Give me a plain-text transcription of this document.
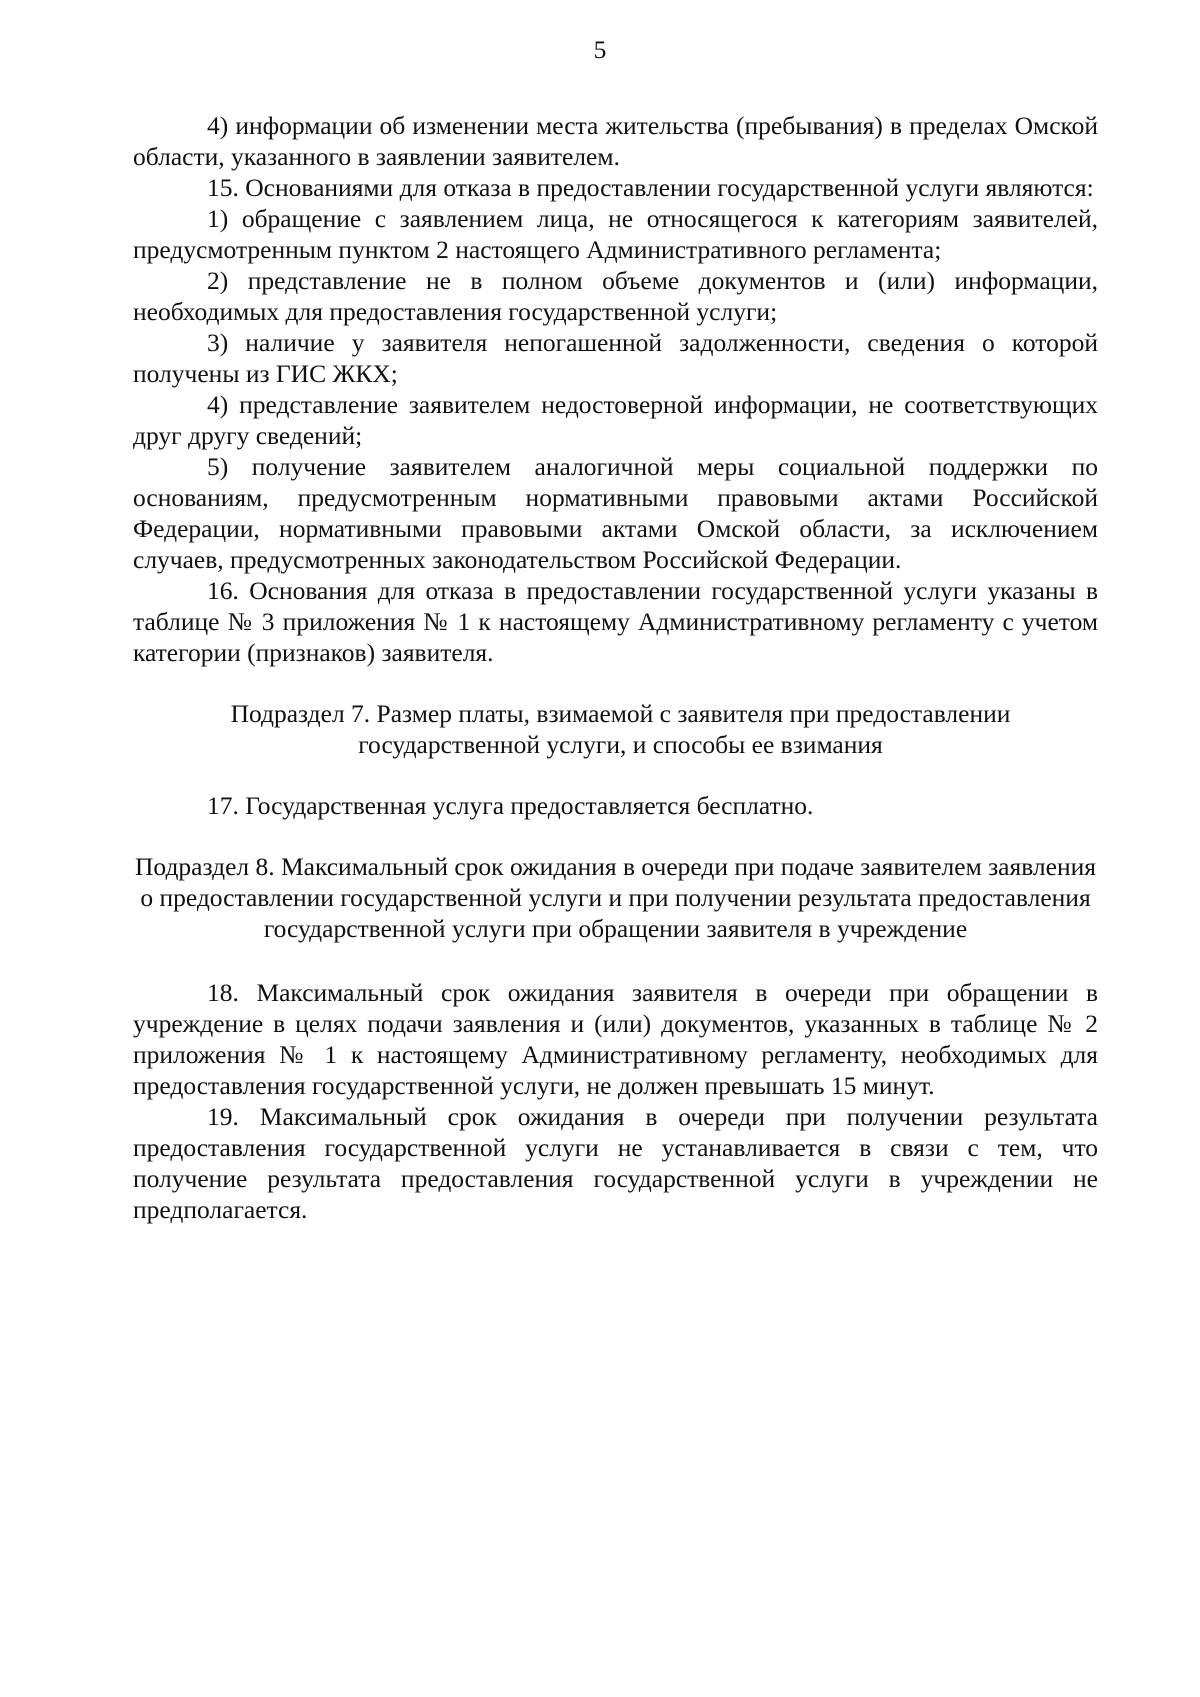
5

4) информации об изменении места жительства (пребывания) в пределах Омской области, указанного в заявлении заявителем.

15. Основаниями для отказа в предоставлении государственной услуги являются:

1) обращение с заявлением лица, не относящегося к категориям заявителей, предусмотренным пунктом 2 настоящего Административного регламента;

2) представление не в полном объеме документов и (или) информации, необходимых для предоставления государственной услуги;

3) наличие у заявителя непогашенной задолженности, сведения о которой получены из ГИС ЖКХ;

4) представление заявителем недостоверной информации, не соответствующих друг другу сведений;

5) получение заявителем аналогичной меры социальной поддержки по основаниям, предусмотренным нормативными правовыми актами Российской Федерации, нормативными правовыми актами Омской области, за исключением случаев, предусмотренных законодательством Российской Федерации.

16. Основания для отказа в предоставлении государственной услуги указаны в таблице № 3 приложения № 1 к настоящему Административному регламенту с учетом категории (признаков) заявителя.

Подраздел 7. Размер платы, взимаемой с заявителя при предоставлении государственной услуги, и способы ее взимания

17. Государственная услуга предоставляется бесплатно.

Подраздел 8. Максимальный срок ожидания в очереди при подаче заявителем заявления о предоставлении государственной услуги и при получении результата предоставления государственной услуги при обращении заявителя в учреждение

18. Максимальный срок ожидания заявителя в очереди при обращении в учреждение в целях подачи заявления и (или) документов, указанных в таблице № 2 приложения № 1 к настоящему Административному регламенту, необходимых для предоставления государственной услуги, не должен превышать 15 минут.

19. Максимальный срок ожидания в очереди при получении результата предоставления государственной услуги не устанавливается в связи с тем, что получение результата предоставления государственной услуги в учреждении не предполагается.
